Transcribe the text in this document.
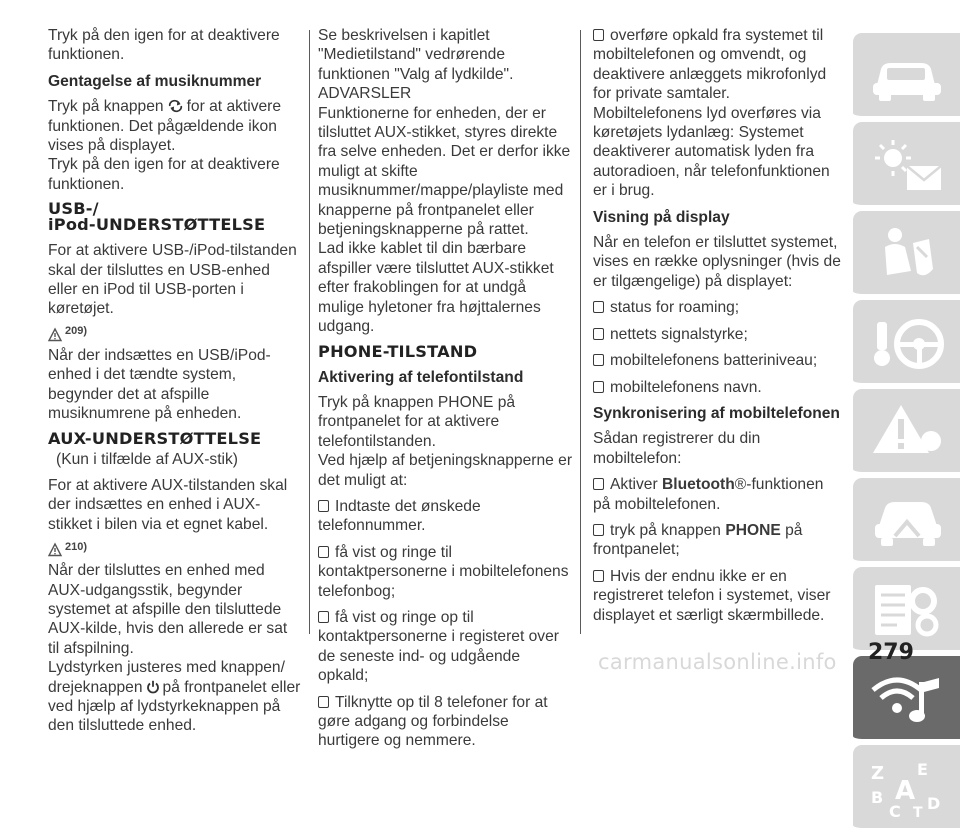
Tryk på den igen for at deaktivere funktionen.

Gentagelse af musiknummer

Tryk på knappen for at aktivere funktionen. Det pågældende ikon vises på displayet.

Tryk på den igen for at deaktivere funktionen.

USB-/
iPod-UNDERSTØTTELSE

For at aktivere USB-/iPod-tilstanden skal der tilsluttes en USB-enhed eller en iPod til USB-porten i køretøjet.

209)

Når der indsættes en USB/iPod-enhed i det tændte system, begynder det at afspille musiknumrene på enheden.

AUX-UNDERSTØTTELSE

(Kun i tilfælde af AUX-stik)

For at aktivere AUX-tilstanden skal der indsættes en enhed i AUX-stikket i bilen via et egnet kabel.

210)

Når der tilsluttes en enhed med AUX-udgangsstik, begynder systemet at afspille den tilsluttede AUX-kilde, hvis den allerede er sat til afspilning.

Lydstyrken justeres med knappen/ drejeknappen på frontpanelet eller ved hjælp af lydstyrkeknappen på den tilsluttede enhed.

Se beskrivelsen i kapitlet "Medietilstand" vedrørende funktionen "Valg af lydkilde".

ADVARSLER

Funktionerne for enheden, der er tilsluttet AUX-stikket, styres direkte fra selve enheden. Det er derfor ikke muligt at skifte musiknummer/mappe/playliste med knapperne på frontpanelet eller betjeningsknapperne på rattet.

Lad ikke kablet til din bærbare afspiller være tilsluttet AUX-stikket efter frakoblingen for at undgå mulige hyletoner fra højttalernes udgang.

PHONE-TILSTAND

Aktivering af telefontilstand

Tryk på knappen PHONE på frontpanelet for at aktivere telefontilstanden.

Ved hjælp af betjeningsknapperne er det muligt at:

Indtaste det ønskede telefonnummer.

få vist og ringe til kontaktpersonerne i mobiltelefonens telefonbog;

få vist og ringe op til kontaktpersonerne i registeret over de seneste ind- og udgående opkald;

Tilknytte op til 8 telefoner for at gøre adgang og forbindelse hurtigere og nemmere.

overføre opkald fra systemet til mobiltelefonen og omvendt, og deaktivere anlæggets mikrofonlyd for private samtaler.

Mobiltelefonens lyd overføres via køretøjets lydanlæg: Systemet deaktiverer automatisk lyden fra autoradioen, når telefonfunktionen er i brug.

Visning på display

Når en telefon er tilsluttet systemet, vises en række oplysninger (hvis de er tilgængelige) på displayet:

status for roaming;

nettets signalstyrke;

mobiltelefonens batteriniveau;

mobiltelefonens navn.

Synkronisering af mobiltelefonen

Sådan registrerer du din mobiltelefon:

Aktiver Bluetooth®-funktionen på mobiltelefonen.

tryk på knappen PHONE på frontpanelet;

Hvis der endnu ikke er en registreret telefon i systemet, viser displayet et særligt skærmbillede.

Z E
B A
C T D
279
carmanualsonline.info
